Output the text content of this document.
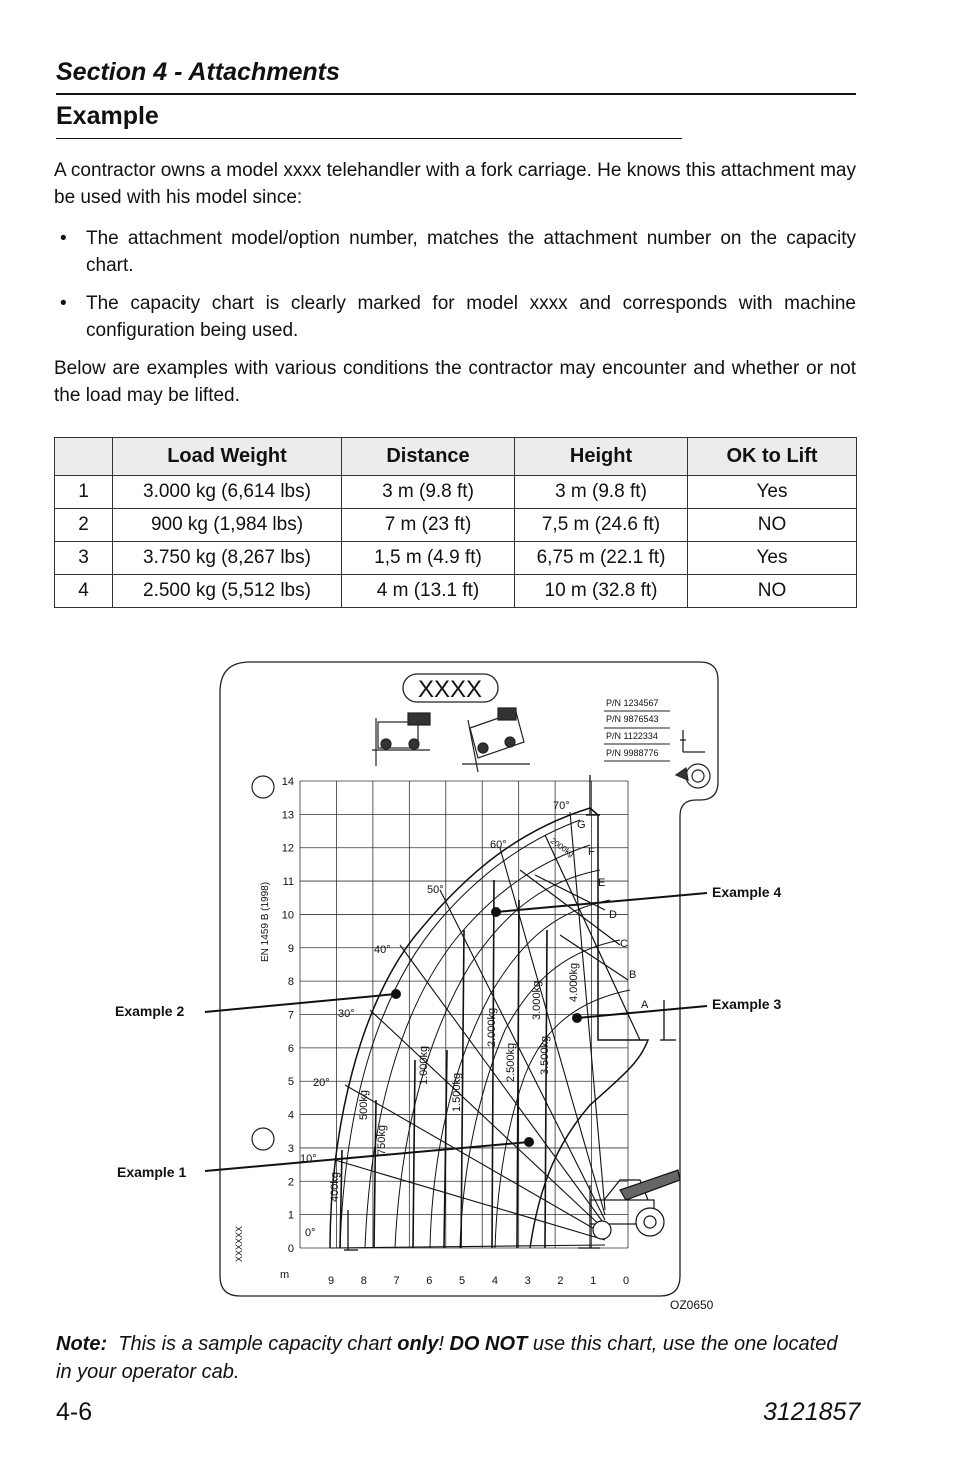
Section 4 - Attachments
Example

A contractor owns a model xxxx telehandler with a fork carriage. He knows this attachment may be used with his model since:

• The attachment model/option number, matches the attachment number on the capacity chart.
• The capacity chart is clearly marked for model xxxx and corresponds with machine configuration being used.

Below are examples with various conditions the contractor may encounter and whether or not the load may be lifted.

	Load Weight	Distance	Height	OK to Lift
1	3.000 kg (6,614 lbs)	3 m (9.8 ft)	3 m (9.8 ft)	Yes
2	900 kg (1,984 lbs)	7 m (23 ft)	7,5 m (24.6 ft)	NO
3	3.750 kg (8,267 lbs)	1,5 m (4.9 ft)	6,75 m (22.1 ft)	Yes
4	2.500 kg (5,512 lbs)	4 m (13.1 ft)	10 m (32.8 ft)	NO
XXXX	P/N 1234567
P/N 9876543
P/N 1122334
P/N 9988776
EN 1459 B (1998)
XXXXXX
14
13
12
11
10
9
8
7
6
5
4
3
2
1
0
9 8 7 6 5 4 3 2 1 0
m
OZ0650
70°
60°
50°
40°
30°
20°
10°
0°
G
F
E
D
C
B
A
400kg
500kg
750kg
1.000kg
1.500kg
2.000kg
2.500kg
3.000kg
3.500kg
4.000kg
2000kg
Example 1
Example 2	Example 3
Example 4
Note: This is a sample capacity chart only! DO NOT use this chart, use the one located in your operator cab.
4-6	3121857
